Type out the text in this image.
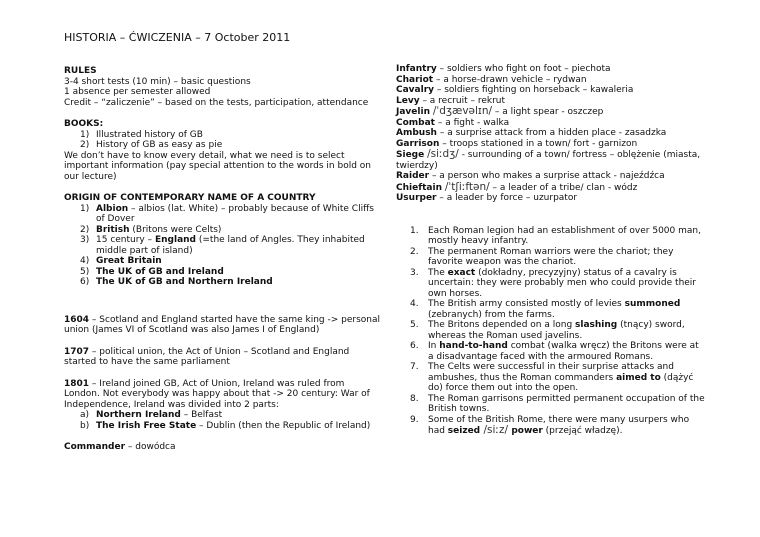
HISTORIA – ĆWICZENIA – 7 October 2011
RULES
3-4 short tests (10 min) – basic questions
1 absence per semester allowed
Credit – “zaliczenie” – based on the tests, participation, attendance
BOOKS:
1) Illustrated history of GB
2) History of GB as easy as pie
We don’t have to know every detail, what we need is to select important information (pay special attention to the words in bold on our lecture)
ORIGIN OF CONTEMPORARY NAME OF A COUNTRY
1) Albion – albios (lat. White) – probably because of White Cliffs of Dover
2) British (Britons were Celts)
3) 15 century – England (=the land of Angles. They inhabited middle part of island)
4) Great Britain
5) The UK of GB and Ireland
6) The UK of GB and Northern Ireland
1604 – Scotland and England started have the same king -> personal union (James VI of Scotland was also James I of England)
1707 – political union, the Act of Union – Scotland and England started to have the same parliament
1801 – Ireland joined GB, Act of Union, Ireland was ruled from London. Not everybody was happy about that -> 20 century: War of Independence, Ireland was divided into 2 parts:
a) Northern Ireland – Belfast
b) The Irish Free State – Dublin (then the Republic of Ireland)
Commander – dowódca
Infantry – soldiers who fight on foot – piechota
Chariot – a horse-drawn vehicle – rydwan
Cavalry – soldiers fighting on horseback – kawaleria
Levy – a recruit – rekrut
Javelin /ˈdʒævəlɪn/ – a light spear - oszczep
Combat – a fight - walka
Ambush – a surprise attack from a hidden place - zasadzka
Garrison – troops stationed in a town/ fort - garnizon
Siege /siːdʒ/ - surrounding of a town/ fortress – oblężenie (miasta, twierdzy)
Raider – a person who makes a surprise attack - najeźdźca
Chieftain /ˈtʃiːftən/ – a leader of a tribe/ clan - wódz
Usurper – a leader by force – uzurpator
1. Each Roman legion had an establishment of over 5000 man, mostly heavy infantry.
2. The permanent Roman warriors were the chariot; they favorite weapon was the chariot.
3. The exact (dokładny, precyzyjny) status of a cavalry is uncertain: they were probably men who could provide their own horses.
4. The British army consisted mostly of levies summoned (zebranych) from the farms.
5. The Britons depended on a long slashing (tnący) sword, whereas the Roman used javelins.
6. In hand-to-hand combat (walka wręcz) the Britons were at a disadvantage faced with the armoured Romans.
7. The Celts were successful in their surprise attacks and ambushes, thus the Roman commanders aimed to (dążyć do) force them out into the open.
8. The Roman garrisons permitted permanent occupation of the British towns.
9. Some of the British Rome, there were many usurpers who had seized /siːz/ power (przejąć władzę).
